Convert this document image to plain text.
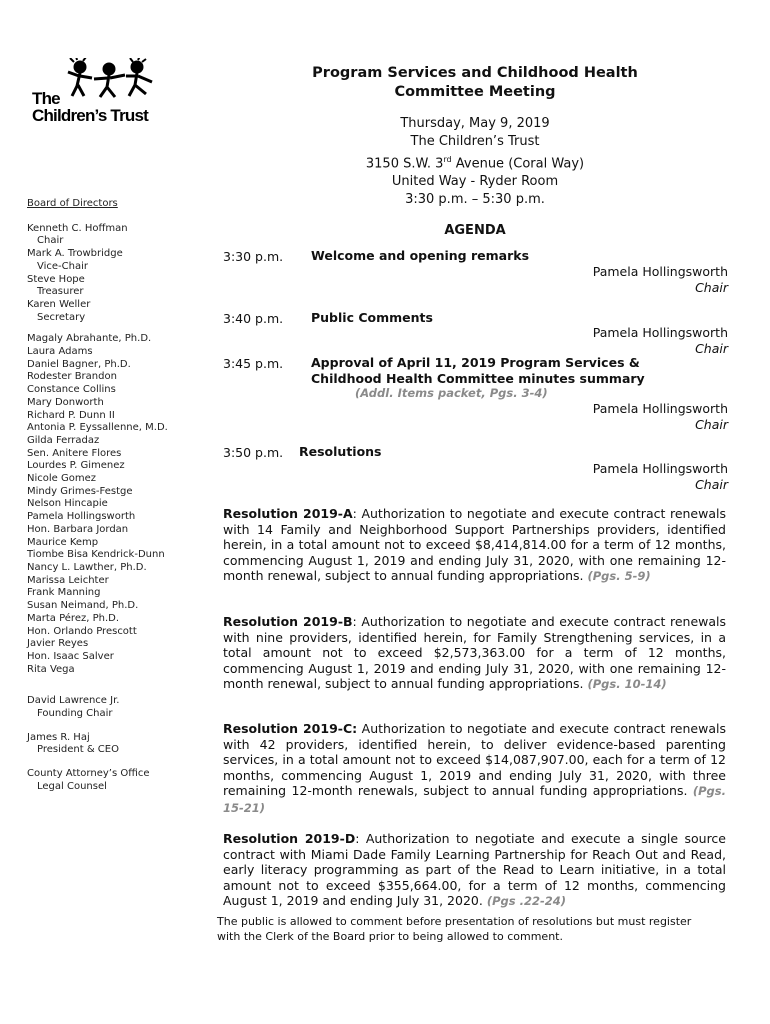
The
Children’s Trust
Board of Directors
Kenneth C. Hoffman
Chair
Mark A. Trowbridge
Vice-Chair
Steve Hope
Treasurer
Karen Weller
Secretary
Magaly Abrahante, Ph.D.
Laura Adams
Daniel Bagner, Ph.D.
Rodester Brandon
Constance Collins
Mary Donworth
Richard P. Dunn II
Antonia P. Eyssallenne, M.D.
Gilda Ferradaz
Sen. Anitere Flores
Lourdes P. Gimenez
Nicole Gomez
Mindy Grimes-Festge
Nelson Hincapie
Pamela Hollingsworth
Hon. Barbara Jordan
Maurice Kemp
Tiombe Bisa Kendrick-Dunn
Nancy L. Lawther, Ph.D.
Marissa Leichter
Frank Manning
Susan Neimand, Ph.D.
Marta Pérez, Ph.D.
Hon. Orlando Prescott
Javier Reyes
Hon. Isaac Salver
Rita Vega
David Lawrence Jr.
Founding Chair
James R. Haj
President & CEO
County Attorney’s Office
Legal Counsel
Program Services and Childhood Health
Committee Meeting
Thursday, May 9, 2019
The Children’s Trust
3150 S.W. 3rd Avenue (Coral Way)
United Way - Ryder Room
3:30 p.m. – 5:30 p.m.
AGENDA
3:30 p.m. Welcome and opening remarks
Pamela Hollingsworth
Chair
3:40 p.m. Public Comments
Pamela Hollingsworth
Chair
3:45 p.m. Approval of April 11, 2019 Program Services &
Childhood Health Committee minutes summary
(Addl. Items packet, Pgs. 3-4)
Pamela Hollingsworth
Chair
3:50 p.m. Resolutions
Pamela Hollingsworth
Chair
Resolution 2019-A: Authorization to negotiate and execute contract renewals with 14 Family and Neighborhood Support Partnerships providers, identified herein, in a total amount not to exceed $8,414,814.00 for a term of 12 months, commencing August 1, 2019 and ending July 31, 2020, with one remaining 12-month renewal, subject to annual funding appropriations. (Pgs. 5-9)
Resolution 2019-B: Authorization to negotiate and execute contract renewals with nine providers, identified herein, for Family Strengthening services, in a total amount not to exceed $2,573,363.00 for a term of 12 months, commencing August 1, 2019 and ending July 31, 2020, with one remaining 12-month renewal, subject to annual funding appropriations. (Pgs. 10-14)
Resolution 2019-C: Authorization to negotiate and execute contract renewals with 42 providers, identified herein, to deliver evidence-based parenting services, in a total amount not to exceed $14,087,907.00, each for a term of 12 months, commencing August 1, 2019 and ending July 31, 2020, with three remaining 12-month renewals, subject to annual funding appropriations. (Pgs. 15-21)
Resolution 2019-D: Authorization to negotiate and execute a single source contract with Miami Dade Family Learning Partnership for Reach Out and Read, early literacy programming as part of the Read to Learn initiative, in a total amount not to exceed $355,664.00, for a term of 12 months, commencing August 1, 2019 and ending July 31, 2020. (Pgs .22-24)
The public is allowed to comment before presentation of resolutions but must register
with the Clerk of the Board prior to being allowed to comment.
